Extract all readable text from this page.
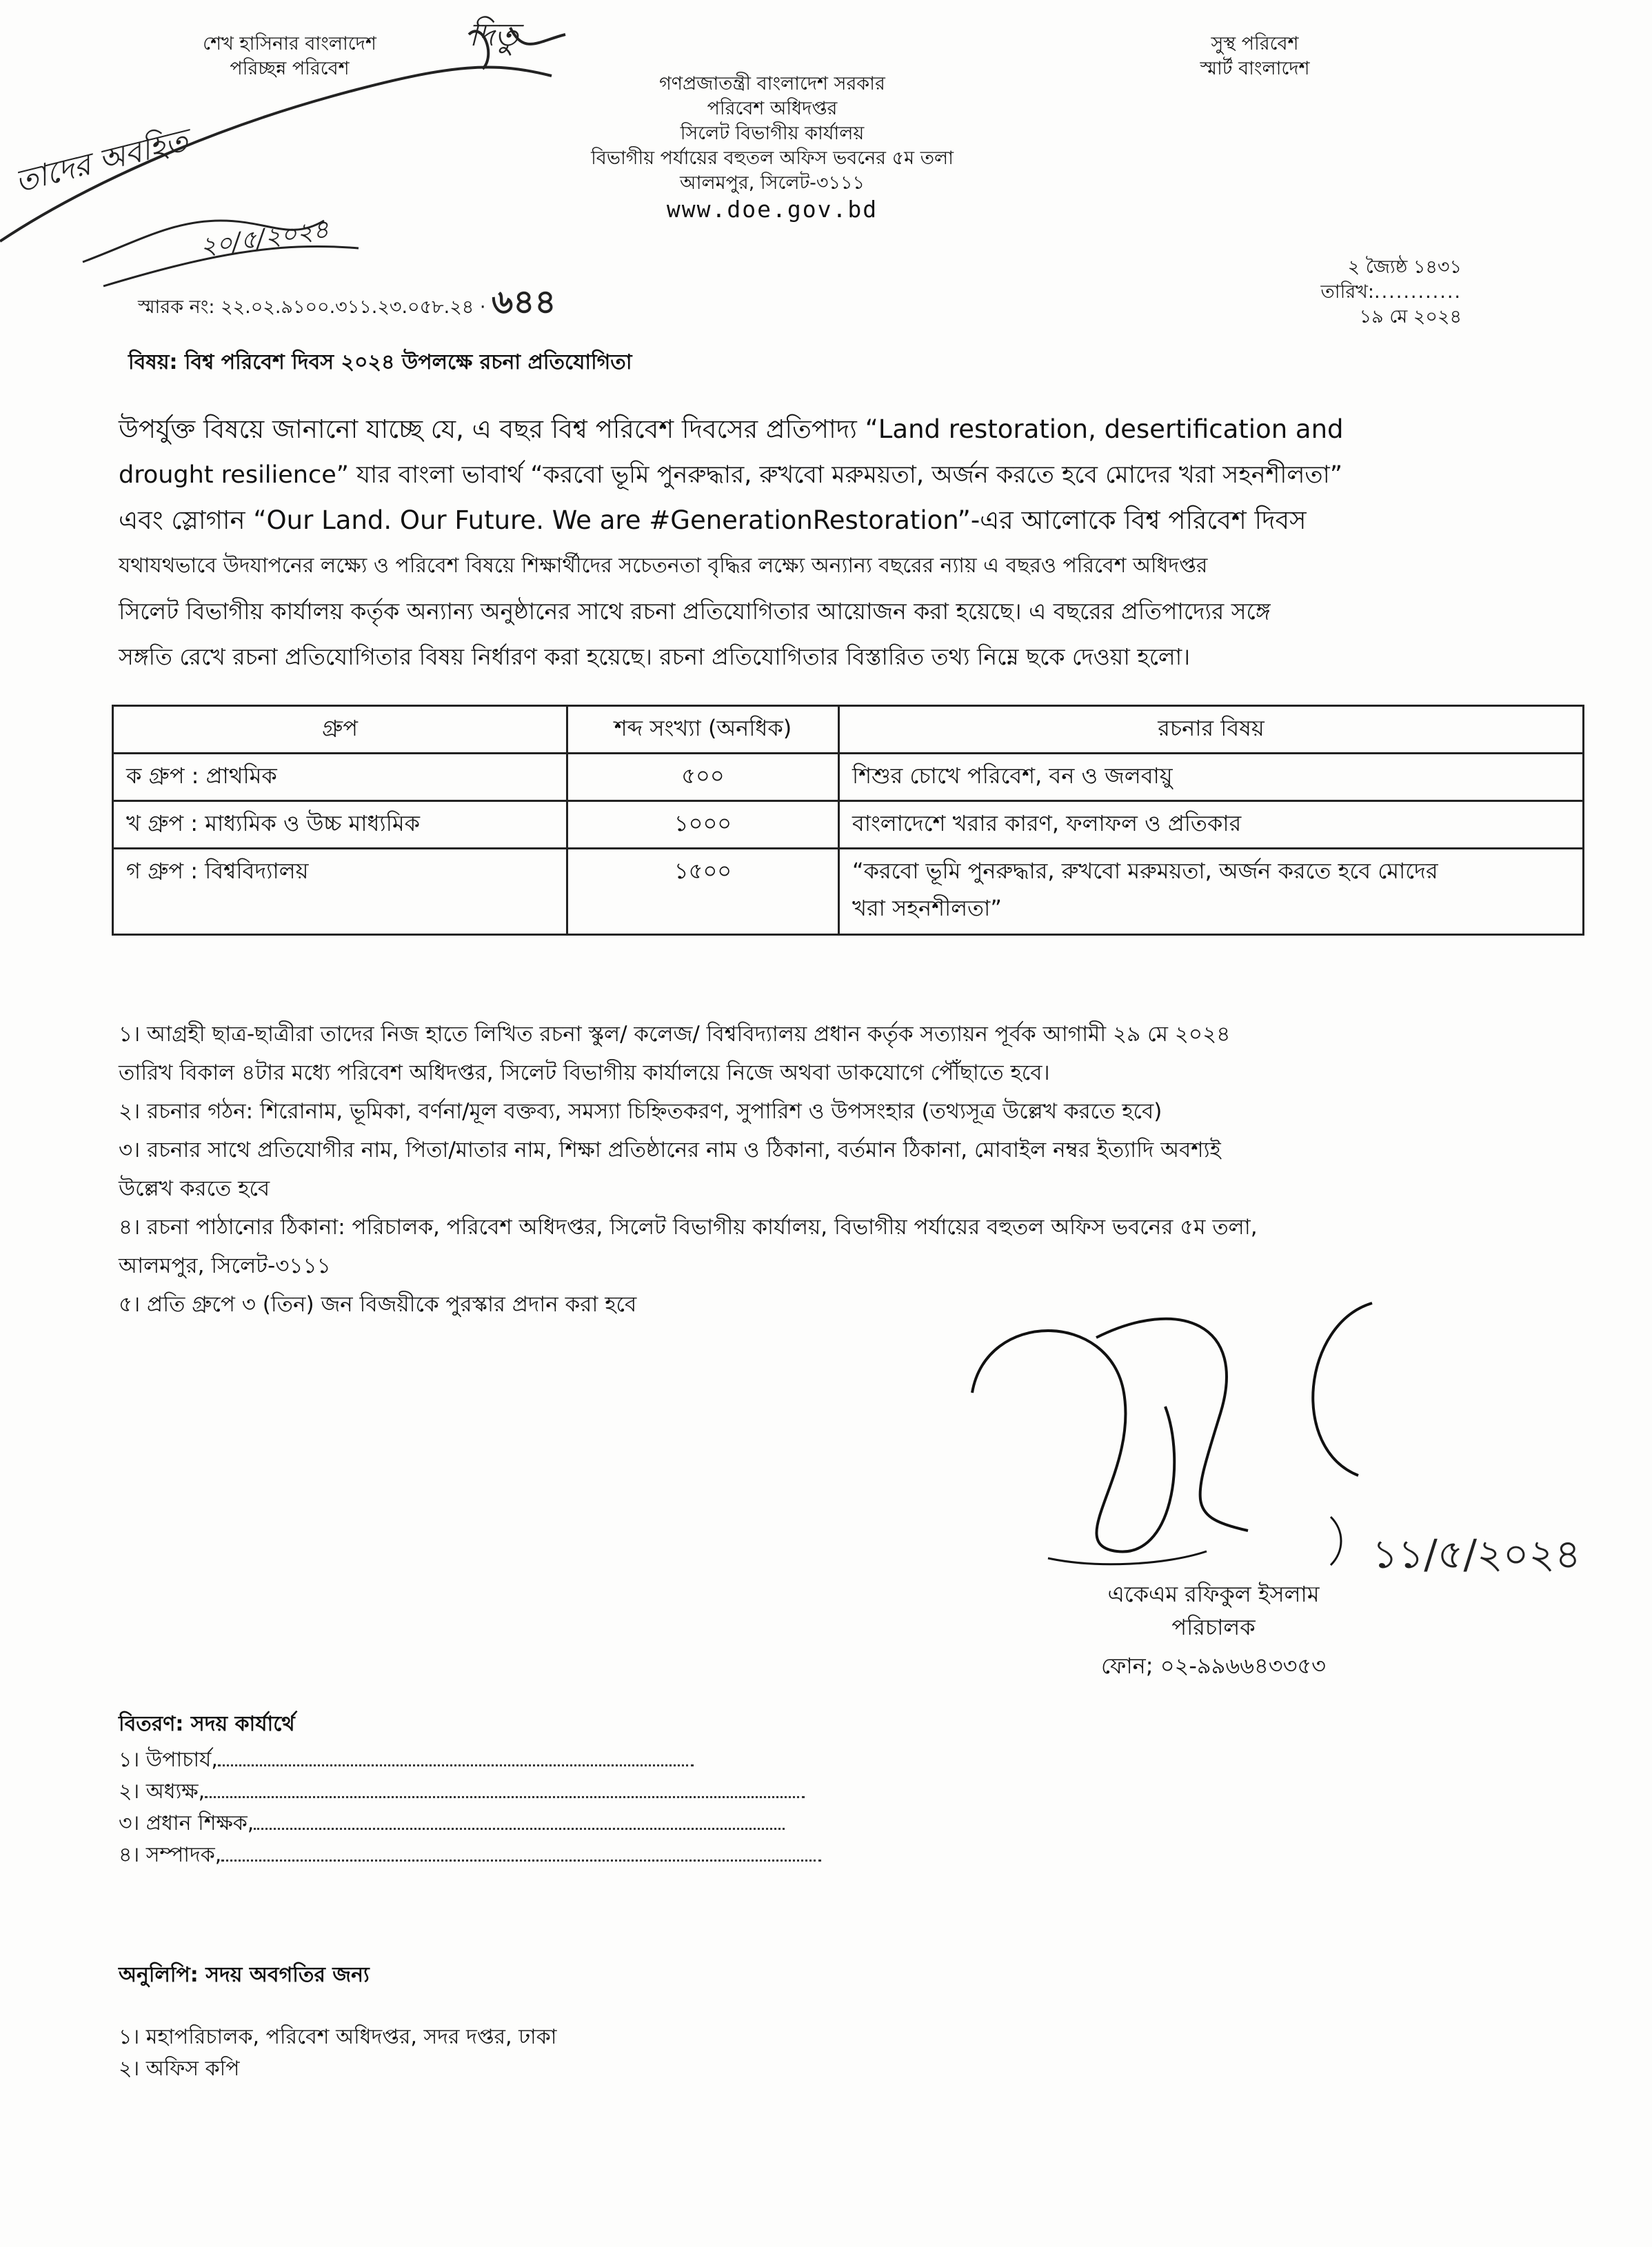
শেখ হাসিনার বাংলাদেশ
পরিচ্ছন্ন পরিবেশ
সুস্থ পরিবেশ
স্মার্ট বাংলাদেশ
গণপ্রজাতন্ত্রী বাংলাদেশ সরকার
পরিবেশ অধিদপ্তর
সিলেট বিভাগীয় কার্যালয়
বিভাগীয় পর্যায়ের বহুতল অফিস ভবনের ৫ম তলা
আলমপুর, সিলেট-৩১১১
www.doe.gov.bd
তাদের অবহিত
দিতু
২০/৫/২০২৪
স্মারক নং: ২২.০২.৯১০০.৩১১.২৩.০৫৮.২৪ · ৬৪৪
২ জ্যৈষ্ঠ ১৪৩১
তারিখ:............
১৯ মে ২০২৪
বিষয়: বিশ্ব পরিবেশ দিবস ২০২৪ উপলক্ষে রচনা প্রতিযোগিতা
উপর্যুক্ত বিষয়ে জানানো যাচ্ছে যে, এ বছর বিশ্ব পরিবেশ দিবসের প্রতিপাদ্য “Land restoration, desertification and
drought resilience” যার বাংলা ভাবার্থ “করবো ভূমি পুনরুদ্ধার, রুখবো মরুময়তা, অর্জন করতে হবে মোদের খরা সহনশীলতা”
এবং স্লোগান “Our Land. Our Future. We are #GenerationRestoration”-এর আলোকে বিশ্ব পরিবেশ দিবস
যথাযথভাবে উদযাপনের লক্ষ্যে ও পরিবেশ বিষয়ে শিক্ষার্থীদের সচেতনতা বৃদ্ধির লক্ষ্যে অন্যান্য বছরের ন্যায় এ বছরও পরিবেশ অধিদপ্তর
সিলেট বিভাগীয় কার্যালয় কর্তৃক অন্যান্য অনুষ্ঠানের সাথে রচনা প্রতিযোগিতার আয়োজন করা হয়েছে। এ বছরের প্রতিপাদ্যের সঙ্গে
সঙ্গতি রেখে রচনা প্রতিযোগিতার বিষয় নির্ধারণ করা হয়েছে। রচনা প্রতিযোগিতার বিস্তারিত তথ্য নিম্নে ছকে দেওয়া হলো।
গ্রুপ	শব্দ সংখ্যা (অনধিক)	রচনার বিষয়
ক গ্রুপ : প্রাথমিক	৫০০	শিশুর চোখে পরিবেশ, বন ও জলবায়ু
খ গ্রুপ : মাধ্যমিক ও উচ্চ মাধ্যমিক	১০০০	বাংলাদেশে খরার কারণ, ফলাফল ও প্রতিকার
গ গ্রুপ : বিশ্ববিদ্যালয়	১৫০০	“করবো ভূমি পুনরুদ্ধার, রুখবো মরুময়তা, অর্জন করতে হবে মোদের
খরা সহনশীলতা”

১। আগ্রহী ছাত্র-ছাত্রীরা তাদের নিজ হাতে লিখিত রচনা স্কুল/ কলেজ/ বিশ্ববিদ্যালয় প্রধান কর্তৃক সত্যায়ন পূর্বক আগামী ২৯ মে ২০২৪

তারিখ বিকাল ৪টার মধ্যে পরিবেশ অধিদপ্তর, সিলেট বিভাগীয় কার্যালয়ে নিজে অথবা ডাকযোগে পৌঁছাতে হবে।

২। রচনার গঠন: শিরোনাম, ভূমিকা, বর্ণনা/মূল বক্তব্য, সমস্যা চিহ্নিতকরণ, সুপারিশ ও উপসংহার (তথ্যসূত্র উল্লেখ করতে হবে)

৩। রচনার সাথে প্রতিযোগীর নাম, পিতা/মাতার নাম, শিক্ষা প্রতিষ্ঠানের নাম ও ঠিকানা, বর্তমান ঠিকানা, মোবাইল নম্বর ইত্যাদি অবশ্যই

উল্লেখ করতে হবে

৪। রচনা পাঠানোর ঠিকানা: পরিচালক, পরিবেশ অধিদপ্তর, সিলেট বিভাগীয় কার্যালয়, বিভাগীয় পর্যায়ের বহুতল অফিস ভবনের ৫ম তলা,

আলমপুর, সিলেট-৩১১১

৫। প্রতি গ্রুপে ৩ (তিন) জন বিজয়ীকে পুরস্কার প্রদান করা হবে

১১/৫/২০২৪
একেএম রফিকুল ইসলাম
পরিচালক
ফোন; ০২-৯৯৬৬৪৩৩৫৩
বিতরণ: সদয় কার্যার্থে
১। উপাচার্য,
২। অধ্যক্ষ,
৩। প্রধান শিক্ষক,
৪। সম্পাদক,
অনুলিপি: সদয় অবগতির জন্য
১। মহাপরিচালক, পরিবেশ অধিদপ্তর, সদর দপ্তর, ঢাকা
২। অফিস কপি
